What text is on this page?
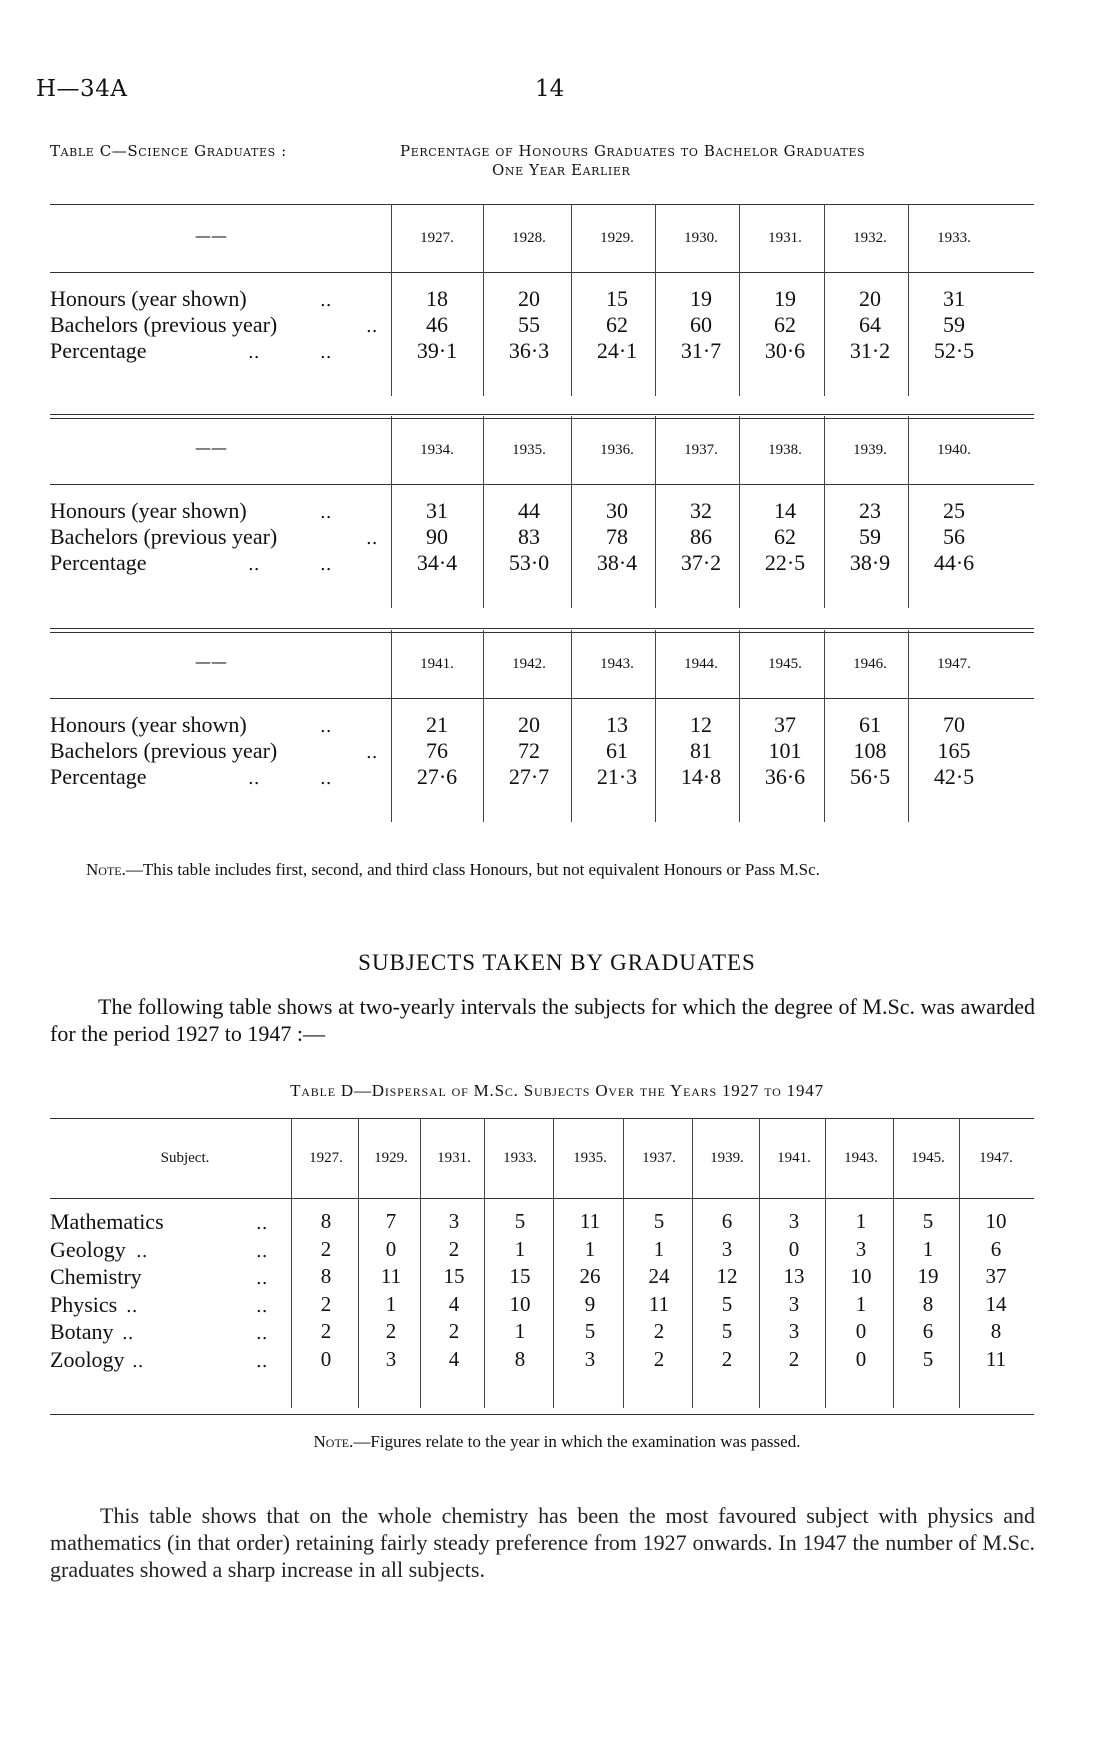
H—34A	14
Table C—Science Graduates :	Percentage of Honours Graduates to Bachelor Graduates
One Year Earlier
——	1927.	1928.	1929.	1930.	1931.	1932.	1933.
Honours (year shown)	..	18	20	15	19	19	20	31
Bachelors (previous year)	..	46	55	62	60	62	64	59
Percentage	..	..	39·1	36·3	24·1	31·7	30·6	31·2	52·5
——	1934.	1935.	1936.	1937.	1938.	1939.	1940.
Honours (year shown)	..	31	44	30	32	14	23	25
Bachelors (previous year)	..	90	83	78	86	62	59	56
Percentage	..	..	34·4	53·0	38·4	37·2	22·5	38·9	44·6
——	1941.	1942.	1943.	1944.	1945.	1946.	1947.
Honours (year shown)	..	21	20	13	12	37	61	70
Bachelors (previous year)	..	76	72	61	81	101	108	165
Percentage	..	..	27·6	27·7	21·3	14·8	36·6	56·5	42·5
Note.—This table includes first, second, and third class Honours, but not equivalent Honours or Pass M.Sc.
SUBJECTS TAKEN BY GRADUATES
The following table shows at two-yearly intervals the subjects for which the degree of M.Sc. was awarded for the period 1927 to 1947 :—
Table D—Dispersal of M.Sc. Subjects Over the Years 1927 to 1947
Subject.	1927.	1929.	1931.	1933.	1935.	1937.	1939.	1941.	1943.	1945.	1947.
Mathematics	..	8	7	3	5	11	5	6	3	1	5	10
Geology ..	..	2	0	2	1	1	1	3	0	3	1	6
Chemistry	..	8	11	15	15	26	24	12	13	10	19	37
Physics ..	..	2	1	4	10	9	11	5	3	1	8	14
Botany ..	..	2	2	2	1	5	2	5	3	0	6	8
Zoology ..	..	0	3	4	8	3	2	2	2	0	5	11
Note.—Figures relate to the year in which the examination was passed.
This table shows that on the whole chemistry has been the most favoured subject with physics and mathematics (in that order) retaining fairly steady preference from 1927 onwards. In 1947 the number of M.Sc. graduates showed a sharp increase in all subjects.
